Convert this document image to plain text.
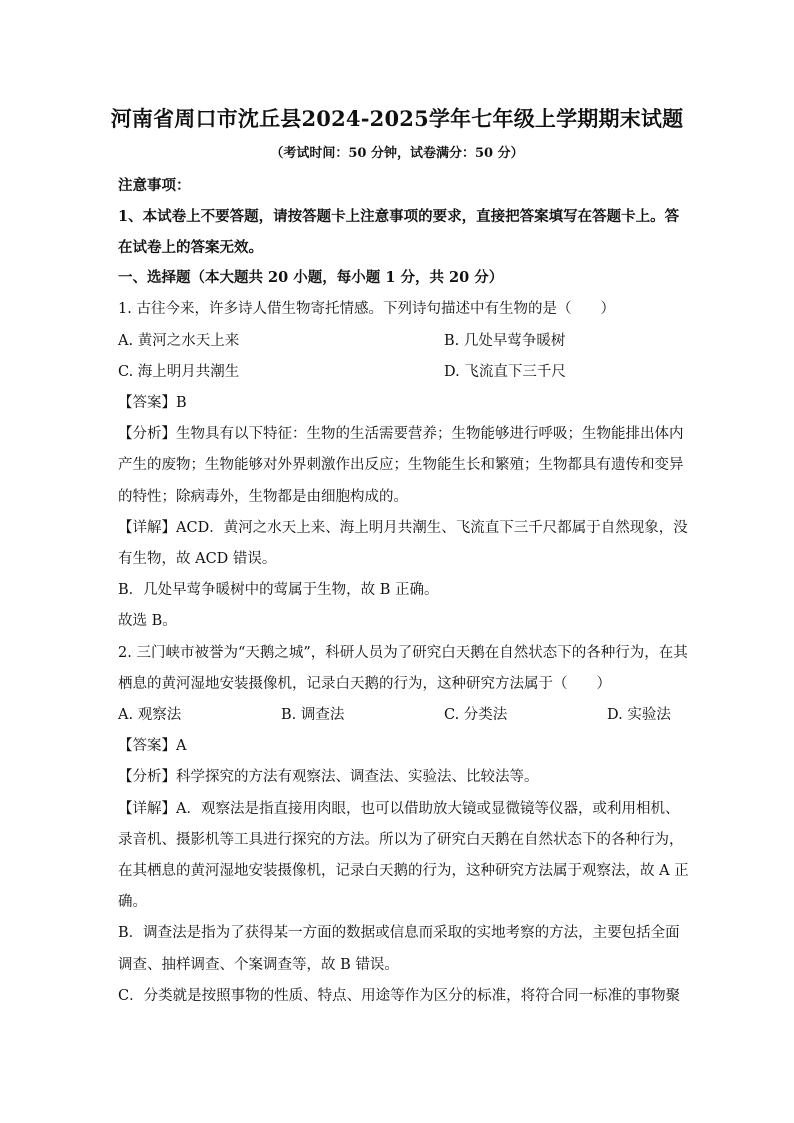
河南省周口市沈丘县2024-2025学年七年级上学期期末试题
（考试时间：50 分钟，试卷满分：50 分）
注意事项：
1、本试卷上不要答题，请按答题卡上注意事项的要求，直接把答案填写在答题卡上。答
在试卷上的答案无效。
一、选择题（本大题共 20 小题，每小题 1 分，共 20 分）
1. 古往今来，许多诗人借生物寄托情感。下列诗句描述中有生物的是（　　）
A. 黄河之水天上来	B. 几处早莺争暖树
C. 海上明月共潮生	D. 飞流直下三千尺
【答案】B
【分析】生物具有以下特征：生物的生活需要营养；生物能够进行呼吸；生物能排出体内
产生的废物；生物能够对外界刺激作出反应；生物能生长和繁殖；生物都具有遗传和变异
的特性；除病毒外，生物都是由细胞构成的。
【详解】ACD．黄河之水天上来、海上明月共潮生、飞流直下三千尺都属于自然现象，没
有生物，故 ACD 错误。
B．几处早莺争暖树中的莺属于生物，故 B 正确。
故选 B。
2. 三门峡市被誉为“天鹅之城”，科研人员为了研究白天鹅在自然状态下的各种行为，在其
栖息的黄河湿地安装摄像机，记录白天鹅的行为，这种研究方法属于（　　）
A. 观察法	B. 调查法	C. 分类法	D. 实验法
【答案】A
【分析】科学探究的方法有观察法、调查法、实验法、比较法等。
【详解】A．观察法是指直接用肉眼，也可以借助放大镜或显微镜等仪器，或利用相机、
录音机、摄影机等工具进行探究的方法。所以为了研究白天鹅在自然状态下的各种行为，
在其栖息的黄河湿地安装摄像机，记录白天鹅的行为，这种研究方法属于观察法，故 A 正
确。
B．调查法是指为了获得某一方面的数据或信息而采取的实地考察的方法，主要包括全面
调查、抽样调查、个案调查等，故 B 错误。
C．分类就是按照事物的性质、特点、用途等作为区分的标准，将符合同一标准的事物聚
